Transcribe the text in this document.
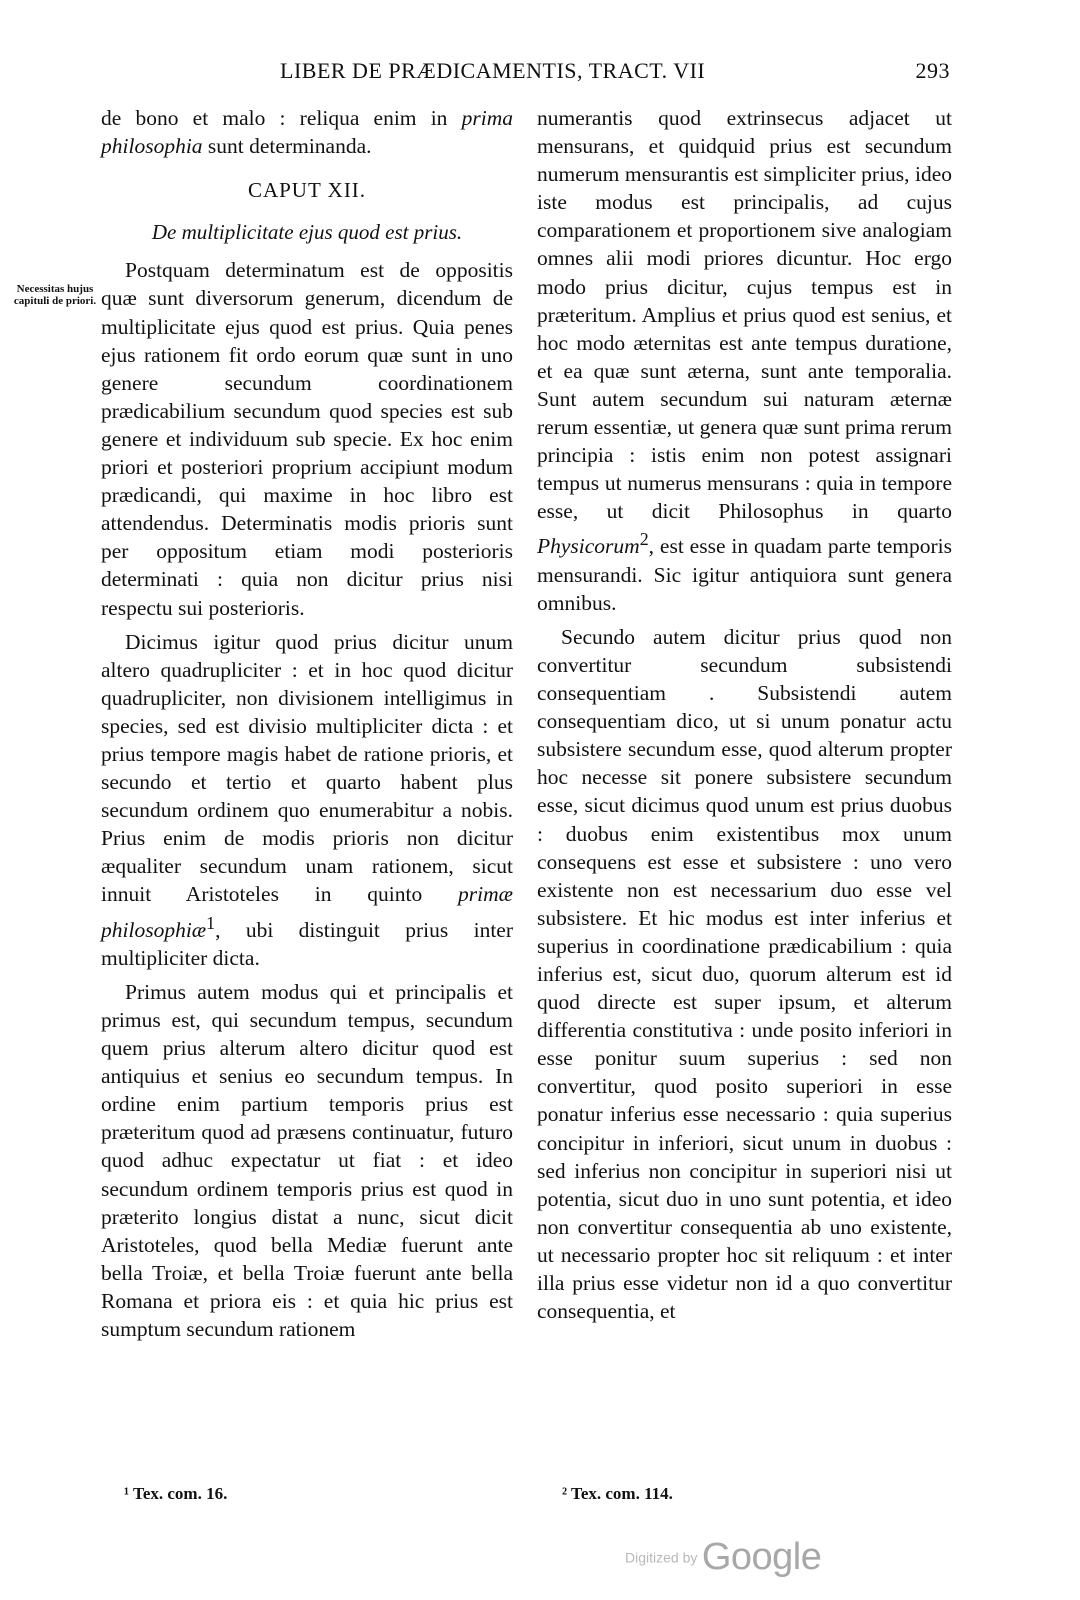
LIBER DE PRÆDICAMENTIS, TRACT. VII	293
Necessitas hujus capituli de priori.

de bono et malo : reliqua enim in prima philosophia sunt determinanda.

CAPUT XII.
De multiplicitate ejus quod est prius.

Postquam determinatum est de oppositis quæ sunt diversorum generum, dicendum de multiplicitate ejus quod est prius. Quia penes ejus rationem fit ordo eorum quæ sunt in uno genere secundum coordinationem prædicabilium secundum quod species est sub genere et individuum sub specie. Ex hoc enim priori et posteriori proprium accipiunt modum prædicandi, qui maxime in hoc libro est attendendus. Determinatis modis prioris sunt per oppositum etiam modi posterioris determinati : quia non dicitur prius nisi respectu sui posterioris.

Dicimus igitur quod prius dicitur unum altero quadrupliciter : et in hoc quod dicitur quadrupliciter, non divisionem intelligimus in species, sed est divisio multipliciter dicta : et prius tempore magis habet de ratione prioris, et secundo et tertio et quarto habent plus secundum ordinem quo enumerabitur a nobis. Prius enim de modis prioris non dicitur æqualiter secundum unam rationem, sicut innuit Aristoteles in quinto primæ philosophiæ$^1$, ubi distinguit prius inter multipliciter dicta.

Primus autem modus qui et principalis et primus est, qui secundum tempus, secundum quem prius alterum altero dicitur quod est antiquius et senius eo secundum tempus. In ordine enim partium temporis prius est præteritum quod ad præsens continuatur, futuro quod adhuc expectatur ut fiat : et ideo secundum ordinem temporis prius est quod in præterito longius distat a nunc, sicut dicit Aristoteles, quod bella Mediæ fuerunt ante bella Troiæ, et bella Troiæ fuerunt ante bella Romana et priora eis : et quia hic prius est sumptum secundum rationem

numerantis quod extrinsecus adjacet ut mensurans, et quidquid prius est secundum numerum mensurantis est simpliciter prius, ideo iste modus est principalis, ad cujus comparationem et proportionem sive analogiam omnes alii modi priores dicuntur. Hoc ergo modo prius dicitur, cujus tempus est in præteritum. Amplius et prius quod est senius, et hoc modo æternitas est ante tempus duratione, et ea quæ sunt æterna, sunt ante temporalia. Sunt autem secundum sui naturam æternæ rerum essentiæ, ut genera quæ sunt prima rerum principia : istis enim non potest assignari tempus ut numerus mensurans : quia in tempore esse, ut dicit Philosophus in quarto Physicorum$^2$, est esse in quadam parte temporis mensurandi. Sic igitur antiquiora sunt genera omnibus.

Secundo autem dicitur prius quod non convertitur secundum subsistendi consequentiam . Subsistendi autem consequentiam dico, ut si unum ponatur actu subsistere secundum esse, quod alterum propter hoc necesse sit ponere subsistere secundum esse, sicut dicimus quod unum est prius duobus : duobus enim existentibus mox unum consequens est esse et subsistere : uno vero existente non est necessarium duo esse vel subsistere. Et hic modus est inter inferius et superius in coordinatione prædicabilium : quia inferius est, sicut duo, quorum alterum est id quod directe est super ipsum, et alterum differentia constitutiva : unde posito inferiori in esse ponitur suum superius : sed non convertitur, quod posito superiori in esse ponatur inferius esse necessario : quia superius concipitur in inferiori, sicut unum in duobus : sed inferius non concipitur in superiori nisi ut potentia, sicut duo in uno sunt potentia, et ideo non convertitur consequentia ab uno existente, ut necessario propter hoc sit reliquum : et inter illa prius esse videtur non id a quo convertitur consequentia, et

¹ Tex. com. 16.	² Tex. com. 114.
Digitized by Google
